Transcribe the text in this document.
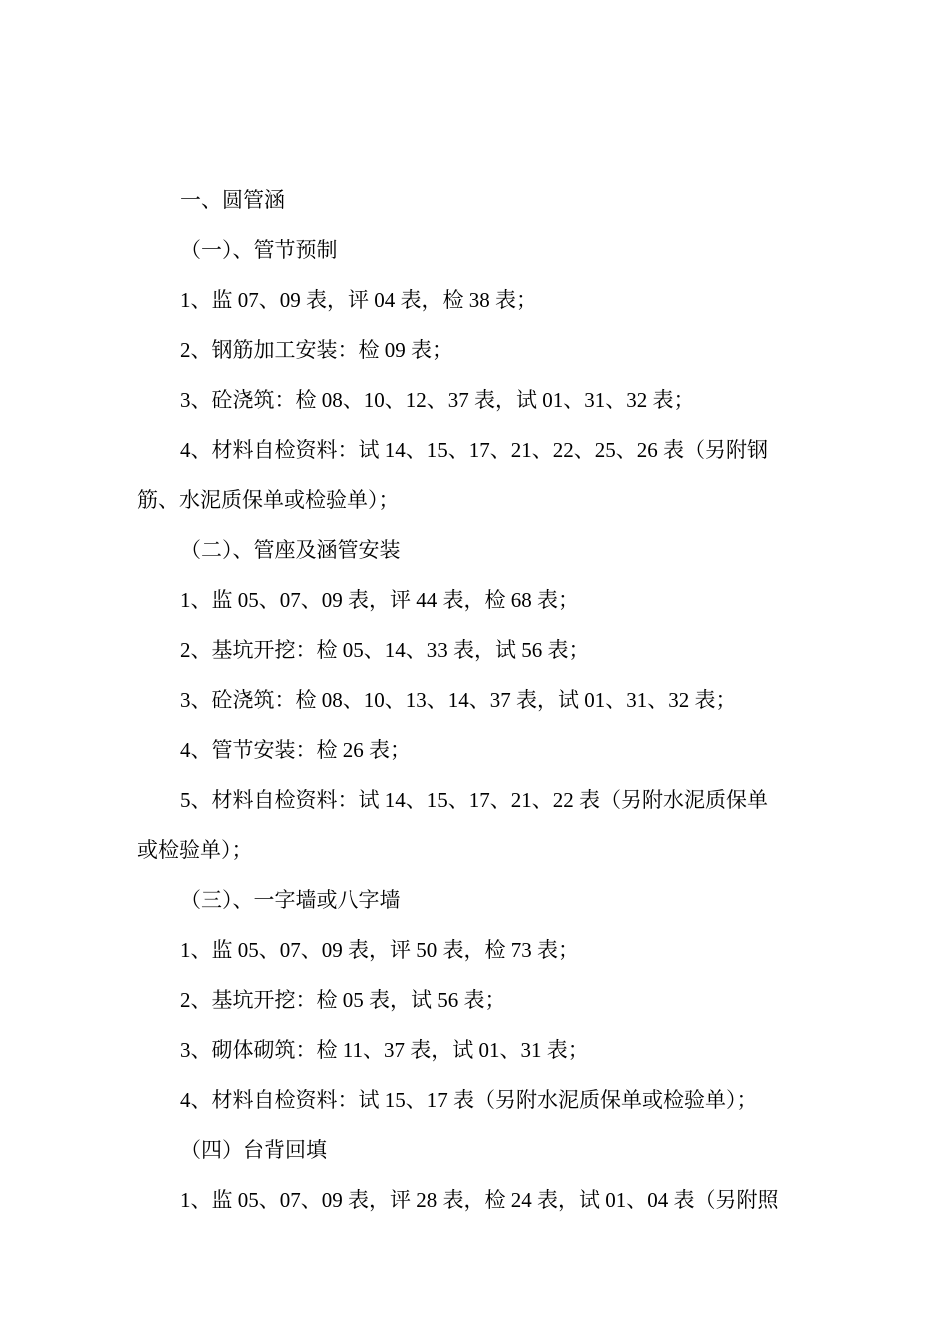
一、圆管涵
（一）、管节预制
1、监 07、09 表，评 04 表，检 38 表；
2、钢筋加工安装：检 09 表；
3、砼浇筑：检 08、10、12、37 表，试 01、31、32 表；
4、材料自检资料：试 14、15、17、21、22、25、26 表（另附钢
筋、水泥质保单或检验单）；
（二）、管座及涵管安装
1、监 05、07、09 表，评 44 表，检 68 表；
2、基坑开挖：检 05、14、33 表，试 56 表；
3、砼浇筑：检 08、10、13、14、37 表，试 01、31、32 表；
4、管节安装：检 26 表；
5、材料自检资料：试 14、15、17、21、22 表（另附水泥质保单
或检验单）；
（三）、一字墙或八字墙
1、监 05、07、09 表，评 50 表，检 73 表；
2、基坑开挖：检 05 表，试 56 表；
3、砌体砌筑：检 11、37 表，试 01、31 表；
4、材料自检资料：试 15、17 表（另附水泥质保单或检验单）；
（四）台背回填
1、监 05、07、09 表，评 28 表，检 24 表，试 01、04 表（另附照
